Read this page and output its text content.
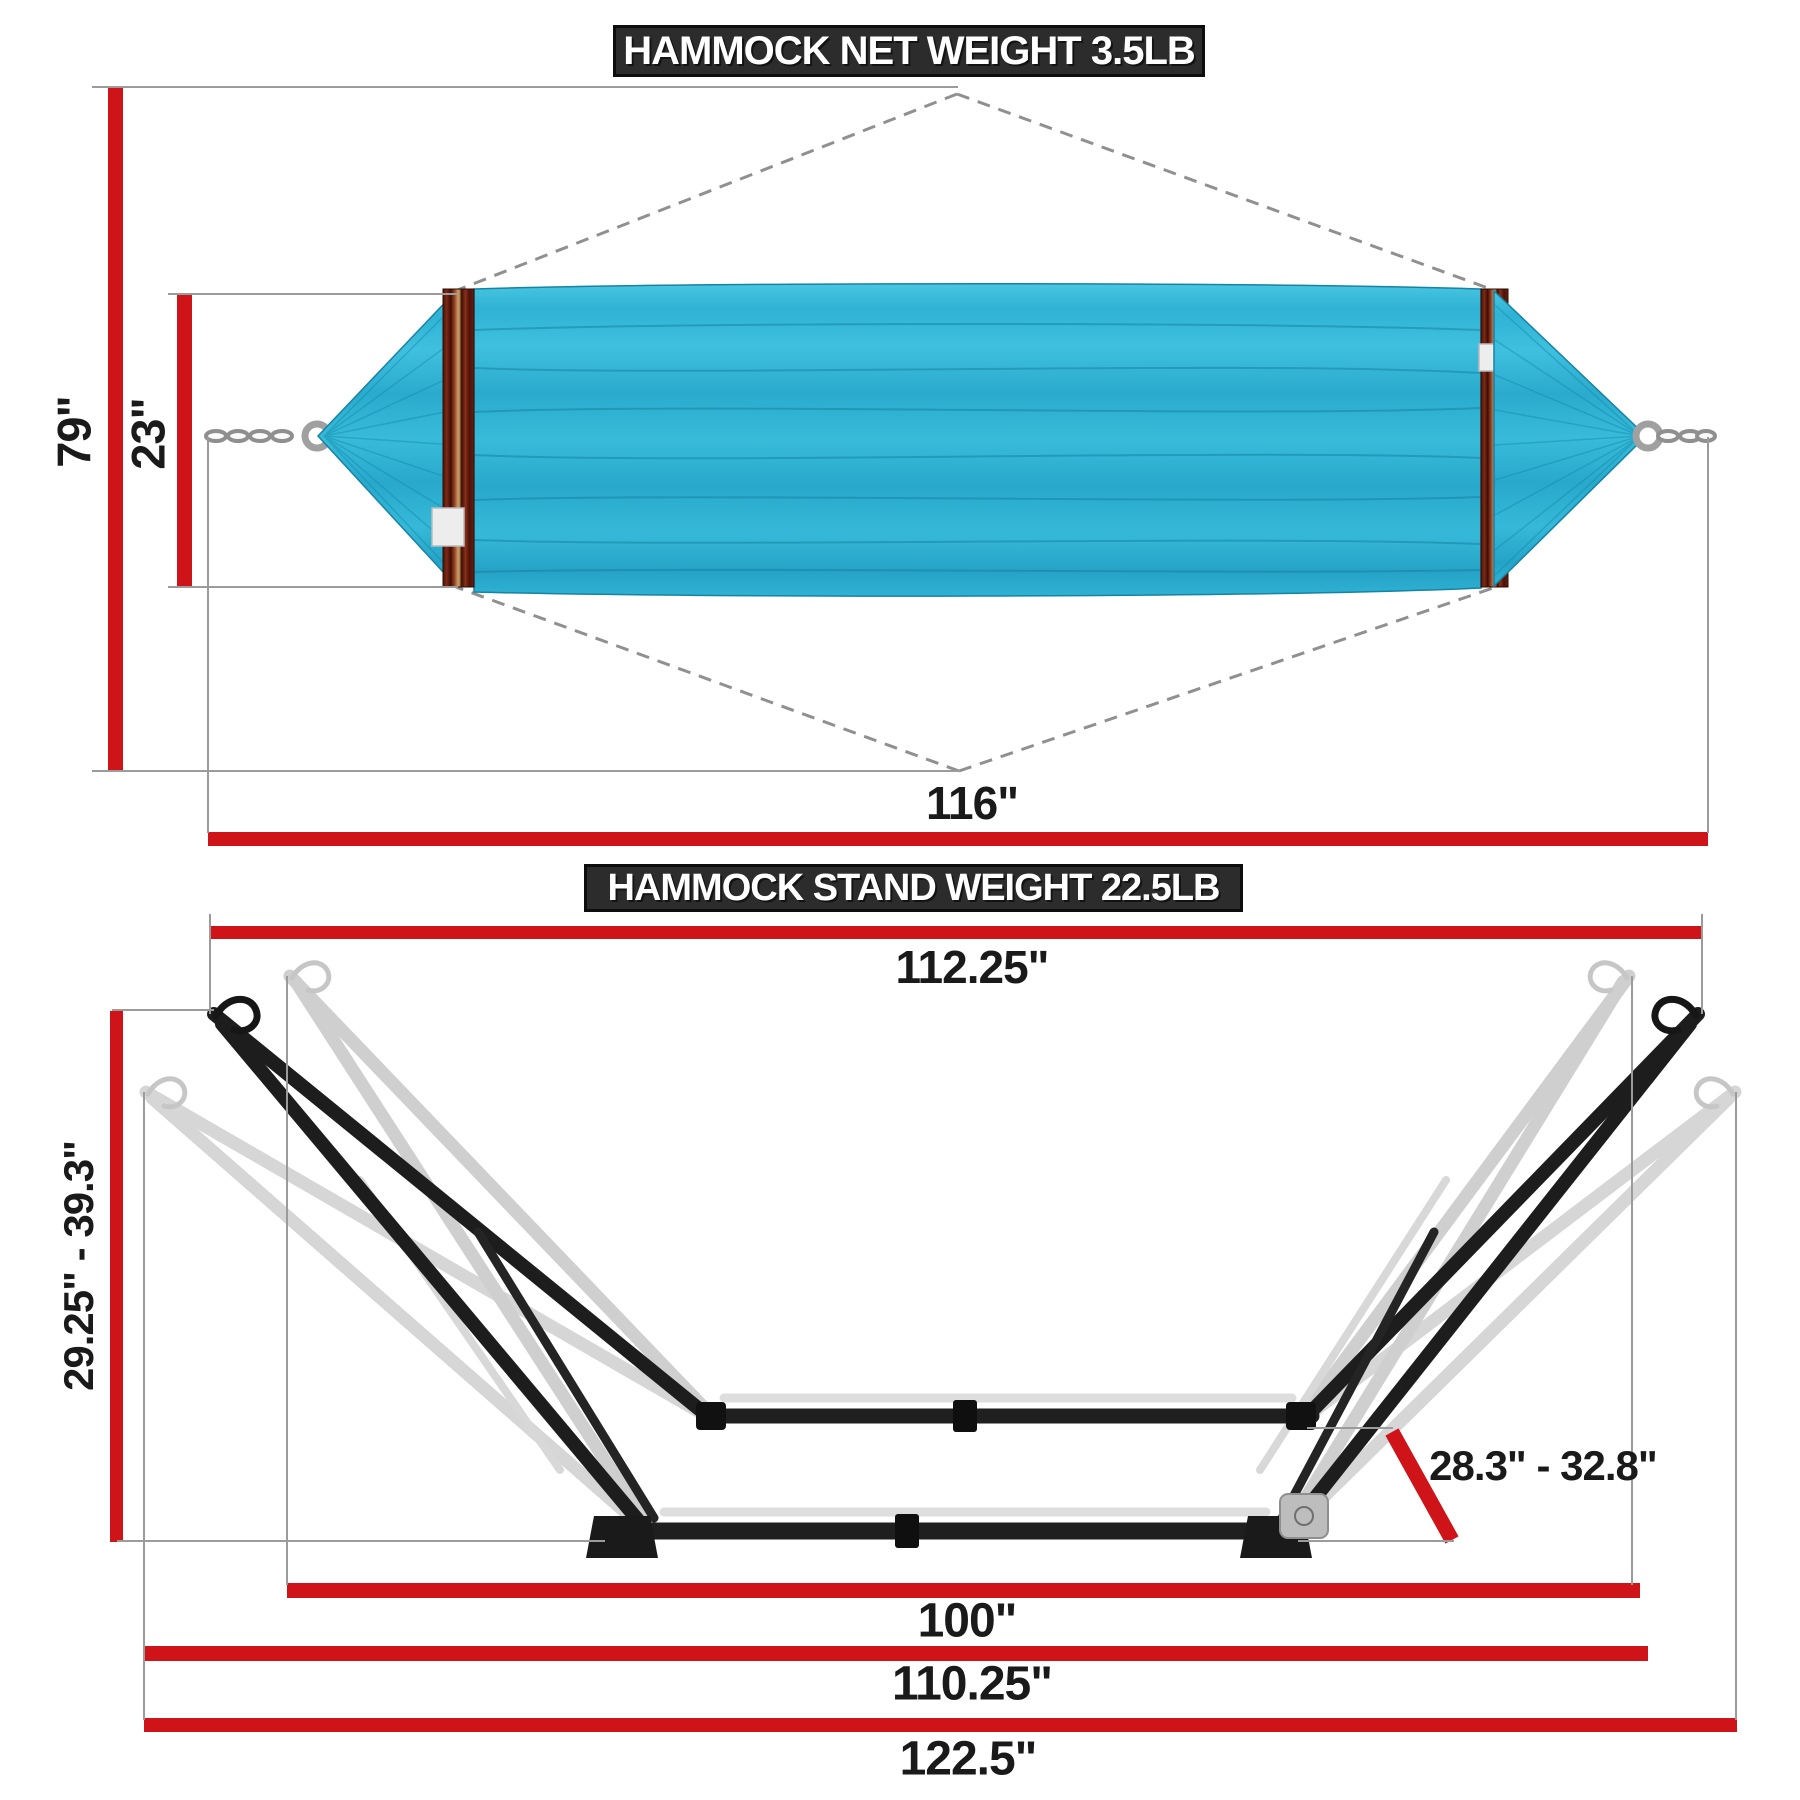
HAMMOCK NET WEIGHT 3.5LB
HAMMOCK STAND WEIGHT 22.5LB
79" 23"
116"
112.25"
29.25" - 39.3"
28.3" - 32.8"
100"
110.25"
122.5"
